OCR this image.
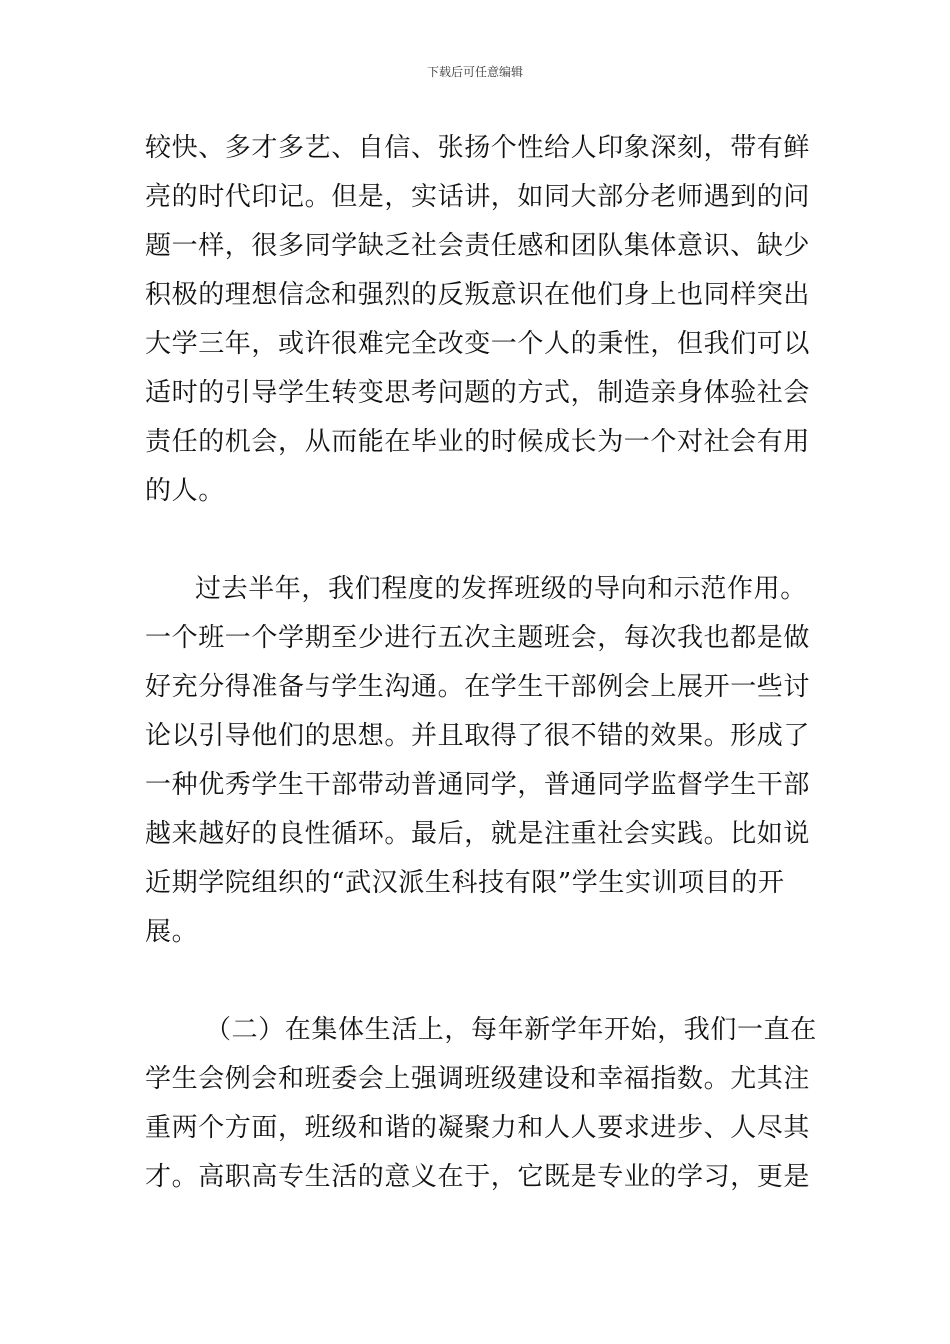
下载后可任意编辑
较快、多才多艺、自信、张扬个性给人印象深刻，带有鲜
亮的时代印记。但是，实话讲，如同大部分老师遇到的问
题一样，很多同学缺乏社会责任感和团队集体意识、缺少
积极的理想信念和强烈的反叛意识在他们身上也同样突出
大学三年，或许很难完全改变一个人的秉性，但我们可以
适时的引导学生转变思考问题的方式，制造亲身体验社会
责任的机会，从而能在毕业的时候成长为一个对社会有用
的人。
过去半年，我们程度的发挥班级的导向和示范作用。
一个班一个学期至少进行五次主题班会，每次我也都是做
好充分得准备与学生沟通。在学生干部例会上展开一些讨
论以引导他们的思想。并且取得了很不错的效果。形成了
一种优秀学生干部带动普通同学，普通同学监督学生干部
越来越好的良性循环。最后，就是注重社会实践。比如说
近期学院组织的“武汉派生科技有限”学生实训项目的开
展。
（二）在集体生活上，每年新学年开始，我们一直在
学生会例会和班委会上强调班级建设和幸福指数。尤其注
重两个方面，班级和谐的凝聚力和人人要求进步、人尽其
才。高职高专生活的意义在于，它既是专业的学习，更是
